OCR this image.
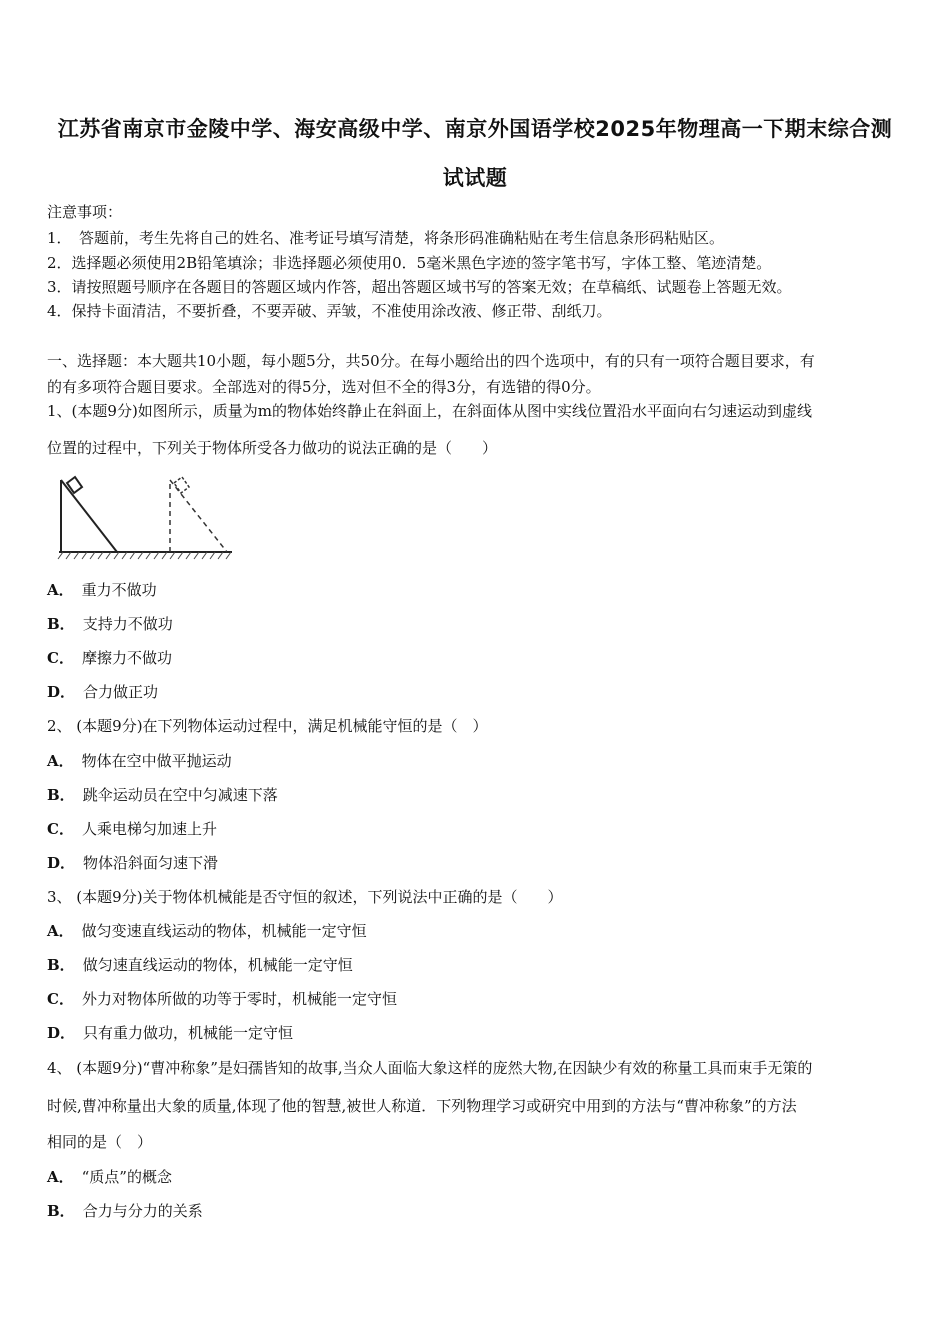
江苏省南京市金陵中学、海安高级中学、南京外国语学校2025年物理高一下期末综合测
试试题
注意事项：
1．　答题前，考生先将自己的姓名、准考证号填写清楚，将条形码准确粘贴在考生信息条形码粘贴区。
2．选择题必须使用2B铅笔填涂；非选择题必须使用0．5毫米黑色字迹的签字笔书写，字体工整、笔迹清楚。
3．请按照题号顺序在各题目的答题区域内作答，超出答题区域书写的答案无效；在草稿纸、试题卷上答题无效。
4．保持卡面清洁，不要折叠，不要弄破、弄皱，不准使用涂改液、修正带、刮纸刀。
一、选择题：本大题共10小题，每小题5分，共50分。在每小题给出的四个选项中，有的只有一项符合题目要求，有
的有多项符合题目要求。全部选对的得5分，选对但不全的得3分，有选错的得0分。
1、(本题9分)如图所示，质量为m的物体始终静止在斜面上，在斜面体从图中实线位置沿水平面向右匀速运动到虚线
位置的过程中，下列关于物体所受各力做功的说法正确的是（　　）
A． 重力不做功
B． 支持力不做功
C． 摩擦力不做功
D． 合力做正功
2、 (本题9分)在下列物体运动过程中，满足机械能守恒的是（　）
A． 物体在空中做平抛运动
B． 跳伞运动员在空中匀减速下落
C． 人乘电梯匀加速上升
D． 物体沿斜面匀速下滑
3、 (本题9分)关于物体机械能是否守恒的叙述，下列说法中正确的是（　　）
A． 做匀变速直线运动的物体，机械能一定守恒
B． 做匀速直线运动的物体，机械能一定守恒
C． 外力对物体所做的功等于零时，机械能一定守恒
D． 只有重力做功，机械能一定守恒
4、 (本题9分)“曹冲称象”是妇孺皆知的故事,当众人面临大象这样的庞然大物,在因缺少有效的称量工具而束手无策的
时候,曹冲称量出大象的质量,体现了他的智慧,被世人称道．下列物理学习或研究中用到的方法与“曹冲称象”的方法
相同的是（　）
A． “质点”的概念
B． 合力与分力的关系
